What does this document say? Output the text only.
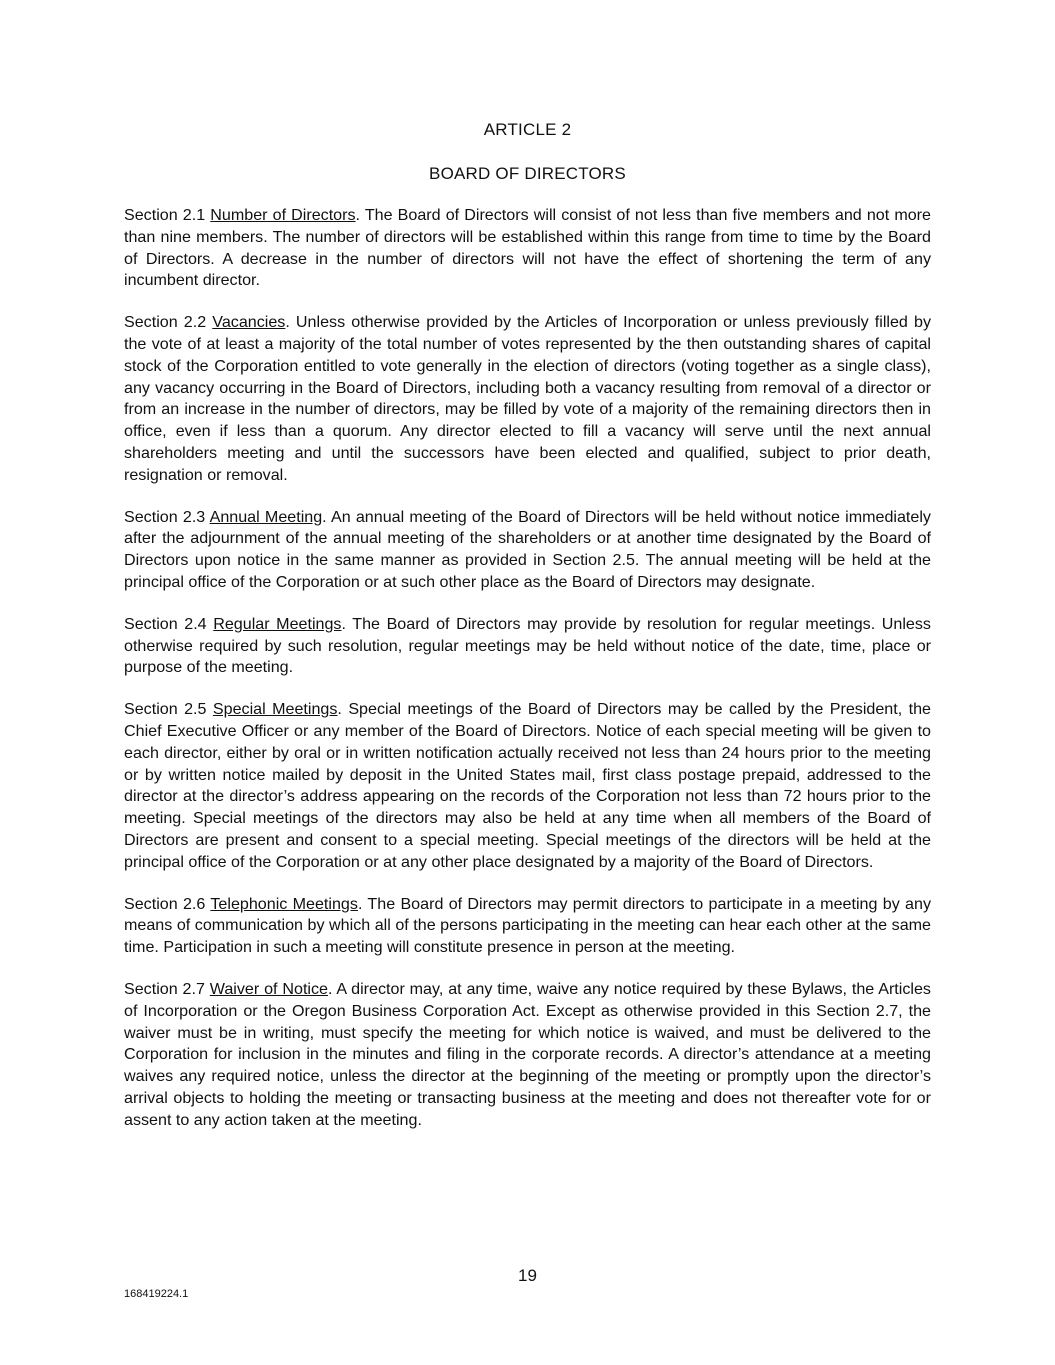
ARTICLE 2
BOARD OF DIRECTORS

Section 2.1 Number of Directors. The Board of Directors will consist of not less than five members and not more than nine members. The number of directors will be established within this range from time to time by the Board of Directors. A decrease in the number of directors will not have the effect of shortening the term of any incumbent director.

Section 2.2 Vacancies. Unless otherwise provided by the Articles of Incorporation or unless previously filled by the vote of at least a majority of the total number of votes represented by the then outstanding shares of capital stock of the Corporation entitled to vote generally in the election of directors (voting together as a single class), any vacancy occurring in the Board of Directors, including both a vacancy resulting from removal of a director or from an increase in the number of directors, may be filled by vote of a majority of the remaining directors then in office, even if less than a quorum. Any director elected to fill a vacancy will serve until the next annual shareholders meeting and until the successors have been elected and qualified, subject to prior death, resignation or removal.

Section 2.3 Annual Meeting. An annual meeting of the Board of Directors will be held without notice immediately after the adjournment of the annual meeting of the shareholders or at another time designated by the Board of Directors upon notice in the same manner as provided in Section 2.5. The annual meeting will be held at the principal office of the Corporation or at such other place as the Board of Directors may designate.

Section 2.4 Regular Meetings. The Board of Directors may provide by resolution for regular meetings. Unless otherwise required by such resolution, regular meetings may be held without notice of the date, time, place or purpose of the meeting.

Section 2.5 Special Meetings. Special meetings of the Board of Directors may be called by the President, the Chief Executive Officer or any member of the Board of Directors. Notice of each special meeting will be given to each director, either by oral or in written notification actually received not less than 24 hours prior to the meeting or by written notice mailed by deposit in the United States mail, first class postage prepaid, addressed to the director at the director’s address appearing on the records of the Corporation not less than 72 hours prior to the meeting. Special meetings of the directors may also be held at any time when all members of the Board of Directors are present and consent to a special meeting. Special meetings of the directors will be held at the principal office of the Corporation or at any other place designated by a majority of the Board of Directors.

Section 2.6 Telephonic Meetings. The Board of Directors may permit directors to participate in a meeting by any means of communication by which all of the persons participating in the meeting can hear each other at the same time. Participation in such a meeting will constitute presence in person at the meeting.

Section 2.7 Waiver of Notice. A director may, at any time, waive any notice required by these Bylaws, the Articles of Incorporation or the Oregon Business Corporation Act. Except as otherwise provided in this Section 2.7, the waiver must be in writing, must specify the meeting for which notice is waived, and must be delivered to the Corporation for inclusion in the minutes and filing in the corporate records. A director’s attendance at a meeting waives any required notice, unless the director at the beginning of the meeting or promptly upon the director’s arrival objects to holding the meeting or transacting business at the meeting and does not thereafter vote for or assent to any action taken at the meeting.

19
168419224.1
